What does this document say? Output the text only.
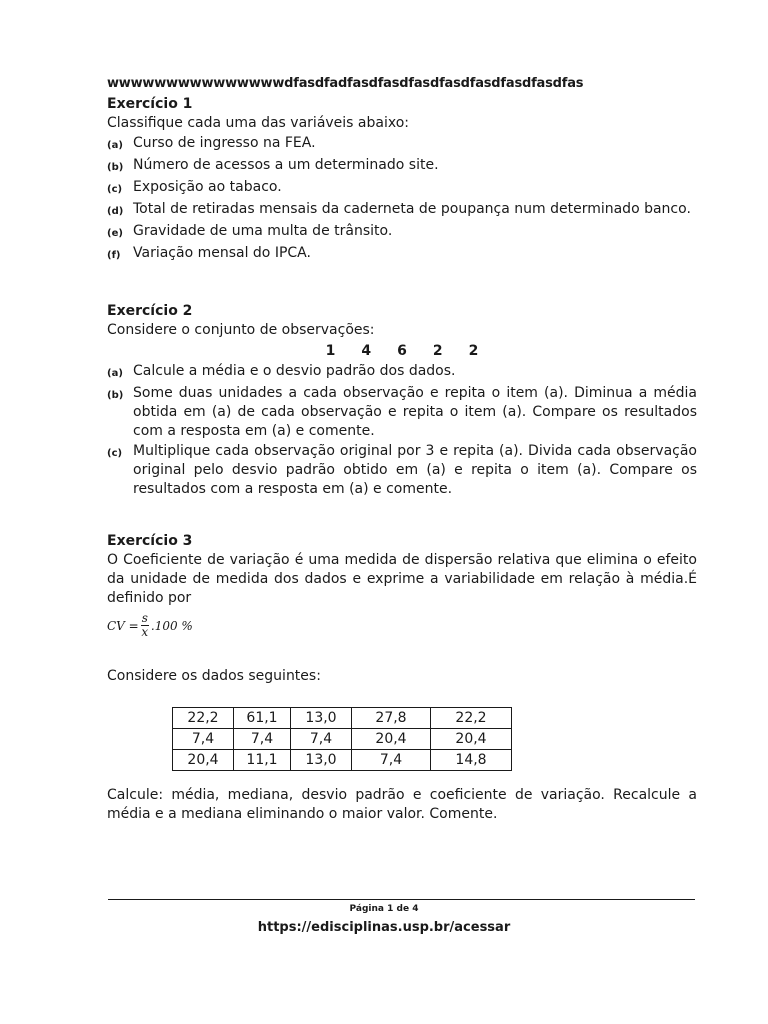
wwwwwwwwwwwwwwwdfasdfadfasdfasdfasdfasdfasdfasdfasdfas
Exercício 1
Classifique cada uma das variáveis abaixo:
(a) Curso de ingresso na FEA.
(b) Número de acessos a um determinado site.
(c) Exposição ao tabaco.
(d) Total de retiradas mensais da caderneta de poupança num determinado banco.
(e) Gravidade de uma multa de trânsito.
(f) Variação mensal do IPCA.
Exercício 2
Considere o conjunto de observações:
1 4 6 2 2
(a) Calcule a média e o desvio padrão dos dados.
(b) Some duas unidades a cada observação e repita o item (a). Diminua a média obtida em (a) de cada observação e repita o item (a). Compare os resultados com a resposta em (a) e comente.
(c) Multiplique cada observação original por 3 e repita (a). Divida cada observação original pelo desvio padrão obtido em (a) e repita o item (a). Compare os resultados com a resposta em (a) e comente.
Exercício 3
O Coeficiente de variação é uma medida de dispersão relativa que elimina o efeito da unidade de medida dos dados e exprime a variabilidade em relação à média.É definido por
CV = $\frac{s}{x} .100$ %
Considere os dados seguintes:
22,2	61,1	13,0	27,8	22,2
7,4	7,4	7,4	20,4	20,4
20,4	11,1	13,0	7,4	14,8
Calcule: média, mediana, desvio padrão e coeficiente de variação. Recalcule a média e a mediana eliminando o maior valor. Comente.
Página 1 de 4
https://edisciplinas.usp.br/acessar
